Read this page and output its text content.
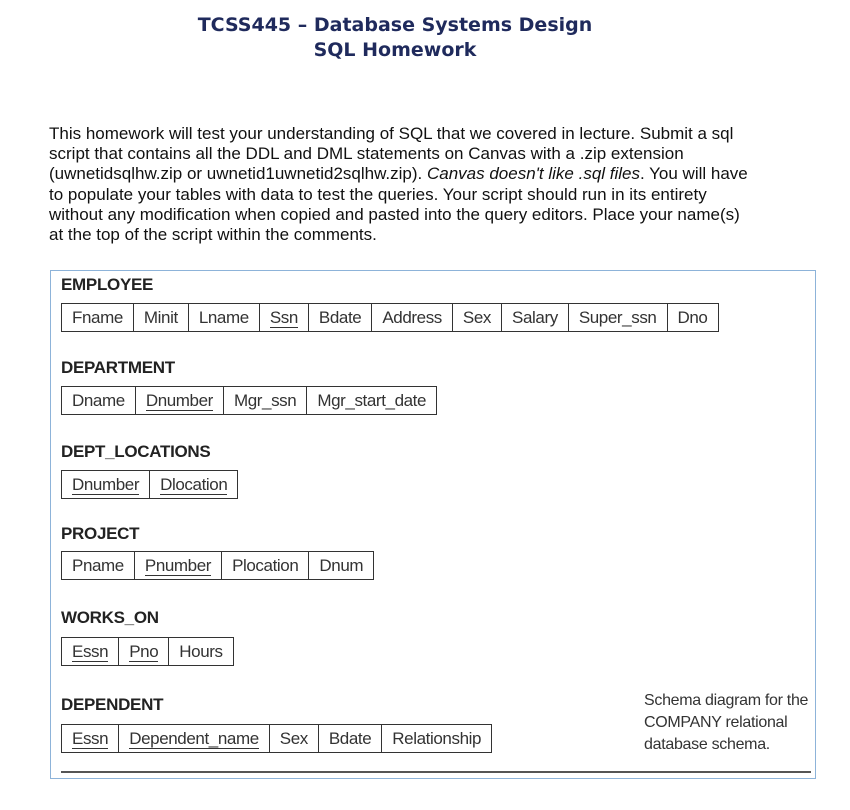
TCSS445 – Database Systems Design
SQL Homework
This homework will test your understanding of SQL that we covered in lecture. Submit a sql script that contains all the DDL and DML statements on Canvas with a .zip extension (uwnetidsqlhw.zip or uwnetid1uwnetid2sqlhw.zip). Canvas doesn't like .sql files. You will have to populate your tables with data to test the queries. Your script should run in its entirety without any modification when copied and pasted into the query editors. Place your name(s) at the top of the script within the comments.
EMPLOYEE
Fname	Minit	Lname	Ssn	Bdate	Address	Sex	Salary	Super_ssn	Dno
DEPARTMENT
Dname	Dnumber	Mgr_ssn	Mgr_start_date
DEPT_LOCATIONS
Dnumber	Dlocation
PROJECT
Pname	Pnumber	Plocation	Dnum
WORKS_ON
Essn	Pno	Hours
DEPENDENT
Essn	Dependent_name	Sex	Bdate	Relationship
Schema diagram for the COMPANY relational database schema.
